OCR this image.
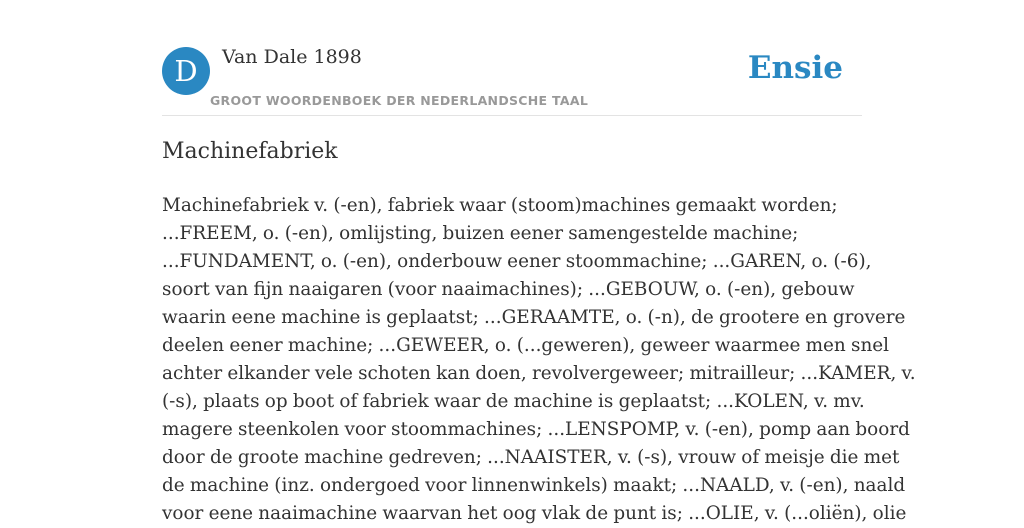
D	Van Dale 1898
GROOT WOORDENBOEK DER NEDERLANDSCHE TAAL
Ensie
Machinefabriek
Machinefabriek v. (-en), fabriek waar (stoom)machines gemaakt worden;
...FREEM, o. (-en), omlijsting, buizen eener samengestelde machine;
...FUNDAMENT, o. (-en), onderbouw eener stoommachine; ...GAREN, o. (-6),
soort van fijn naaigaren (voor naaimachines); ...GEBOUW, o. (-en), gebouw
waarin eene machine is geplaatst; ...GERAAMTE, o. (-n), de grootere en grovere
deelen eener machine; ...GEWEER, o. (...geweren), geweer waarmee men snel
achter elkander vele schoten kan doen, revolvergeweer; mitrailleur; ...KAMER, v.
(-s), plaats op boot of fabriek waar de machine is geplaatst; ...KOLEN, v. mv.
magere steenkolen voor stoommachines; ...LENSPOMP, v. (-en), pomp aan boord
door de groote machine gedreven; ...NAAISTER, v. (-s), vrouw of meisje die met
de machine (inz. ondergoed voor linnenwinkels) maakt; ...NAALD, v. (-en), naald
voor eene naaimachine waarvan het oog vlak de punt is; ...OLIE, v. (...oliën), olie
